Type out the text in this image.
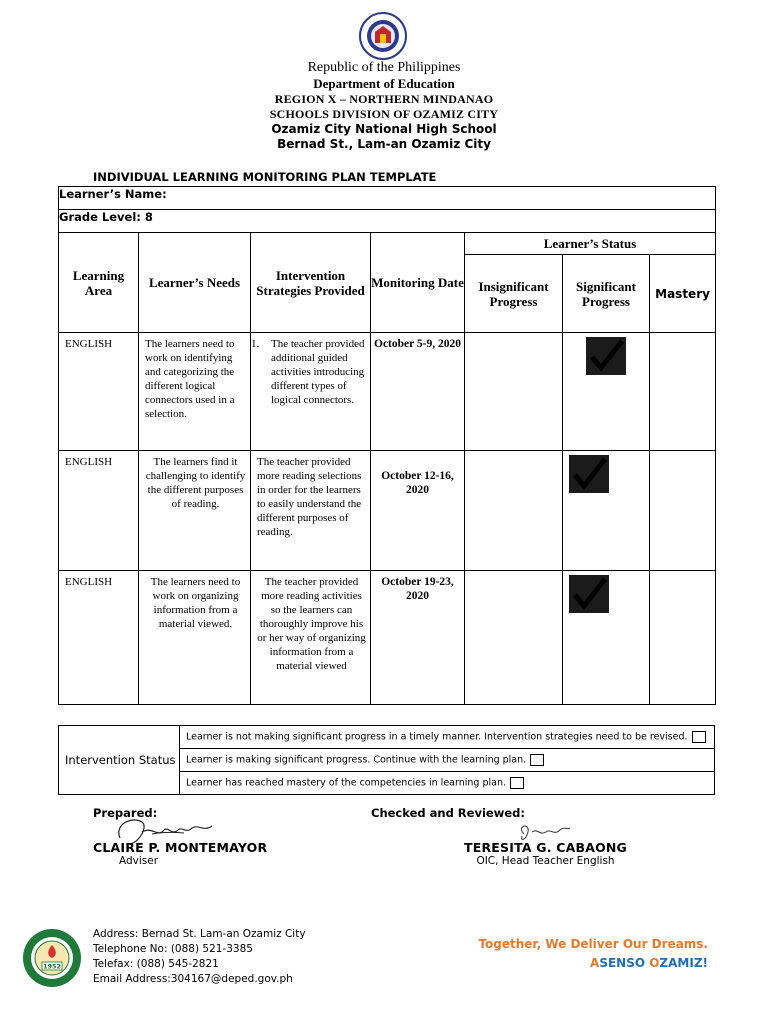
Republic of the Philippines
Department of Education
REGION X – NORTHERN MINDANAO
SCHOOLS DIVISION OF OZAMIZ CITY
Ozamiz City National High School
Bernad St., Lam-an Ozamiz City
INDIVIDUAL LEARNING MONITORING PLAN TEMPLATE
Learner’s Name:						
Grade Level: 8						
Learning Area	Learner’s Needs	Intervention Strategies Provided	Monitoring Date	Learner’s Status		
				Insignificant Progress	Significant Progress	Mastery
ENGLISH	The learners need to work on identifying and categorizing the different logical connectors used in a selection.	1. The teacher provided additional guided activities introducing different types of logical connectors.	October 5-9, 2020		

ENGLISH	The learners find it challenging to identify the different purposes of reading.	The teacher provided more reading selections in order for the learners to easily understand the different purposes of reading.	October 12-16, 2020		

ENGLISH	The learners need to work on organizing information from a material viewed.	The teacher provided more reading activities so the learners can thoroughly improve his or her way of organizing information from a material viewed	October 19-23, 2020		

Intervention Status	Learner is not making significant progress in a timely manner. Intervention strategies need to be revised.
Learner is making significant progress. Continue with the learning plan.
Learner has reached mastery of the competencies in learning plan.
Prepared:
CLAIRE P. MONTEMAYOR
Adviser
Checked and Reviewed:
TERESITA G. CABAONG
OIC, Head Teacher English
1952
Address: Bernad St. Lam-an Ozamiz City
Telephone No: (088) 521-3385
Telefax: (088) 545-2821
Email Address:304167@deped.gov.ph
Together, We Deliver Our Dreams.
ASENSO OZAMIZ!
